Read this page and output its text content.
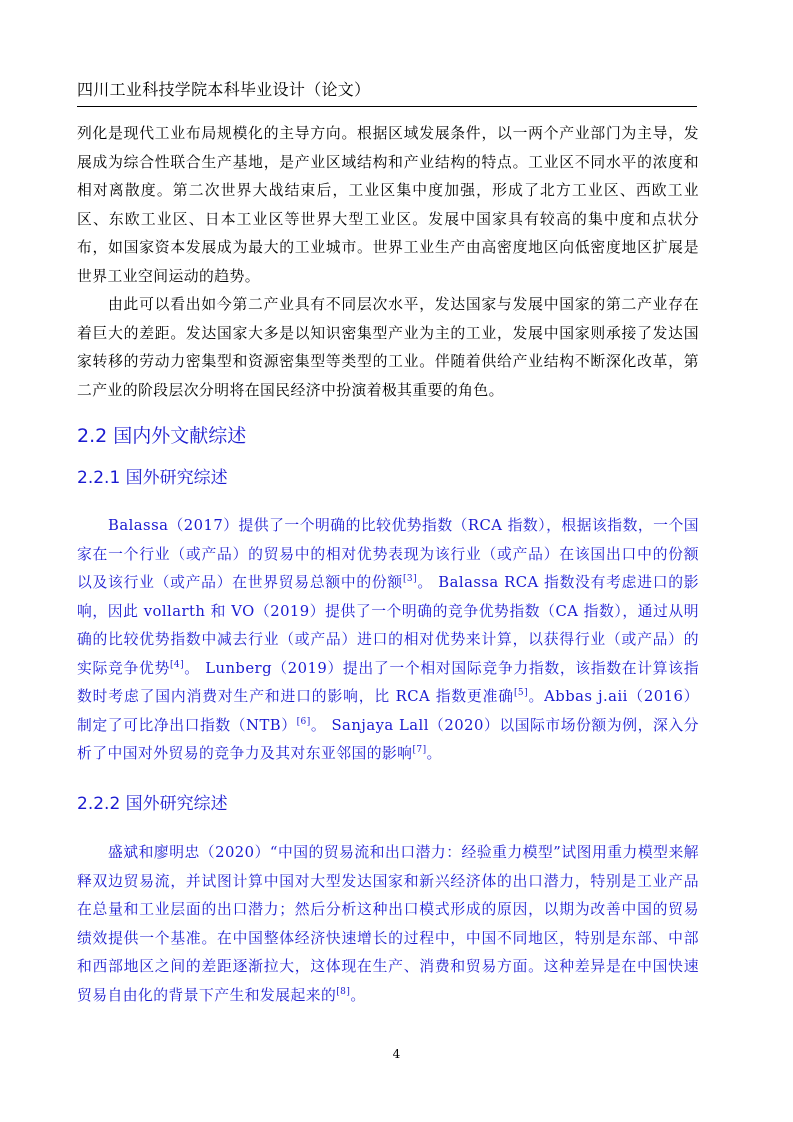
四川工业科技学院本科毕业设计（论文）

列化是现代工业布局规模化的主导方向。根据区域发展条件，以一两个产业部门为主导，发展成为综合性联合生产基地，是产业区域结构和产业结构的特点。工业区不同水平的浓度和相对离散度。第二次世界大战结束后，工业区集中度加强，形成了北方工业区、西欧工业区、东欧工业区、日本工业区等世界大型工业区。发展中国家具有较高的集中度和点状分布，如国家资本发展成为最大的工业城市。世界工业生产由高密度地区向低密度地区扩展是世界工业空间运动的趋势。

由此可以看出如今第二产业具有不同层次水平，发达国家与发展中国家的第二产业存在着巨大的差距。发达国家大多是以知识密集型产业为主的工业，发展中国家则承接了发达国家转移的劳动力密集型和资源密集型等类型的工业。伴随着供给产业结构不断深化改革，第二产业的阶段层次分明将在国民经济中扮演着极其重要的角色。

2.2 国内外文献综述
2.2.1 国外研究综述

Balassa（2017）提供了一个明确的比较优势指数（RCA 指数），根据该指数，一个国家在一个行业（或产品）的贸易中的相对优势表现为该行业（或产品）在该国出口中的份额以及该行业（或产品）在世界贸易总额中的份额[3]。 Balassa RCA 指数没有考虑进口的影响，因此 vollarth 和 VO（2019）提供了一个明确的竞争优势指数（CA 指数），通过从明确的比较优势指数中减去行业（或产品）进口的相对优势来计算，以获得行业（或产品）的实际竞争优势[4]。 Lunberg（2019）提出了一个相对国际竞争力指数，该指数在计算该指数时考虑了国内消费对生产和进口的影响，比 RCA 指数更准确[5]。Abbas j.aii（2016）制定了可比净出口指数（NTB）[6]。 Sanjaya Lall（2020）以国际市场份额为例，深入分析了中国对外贸易的竞争力及其对东亚邻国的影响[7]。

2.2.2 国外研究综述

盛斌和廖明忠（2020）“中国的贸易流和出口潜力：经验重力模型”试图用重力模型来解释双边贸易流，并试图计算中国对大型发达国家和新兴经济体的出口潜力，特别是工业产品在总量和工业层面的出口潜力；然后分析这种出口模式形成的原因，以期为改善中国的贸易绩效提供一个基准。在中国整体经济快速增长的过程中，中国不同地区，特别是东部、中部和西部地区之间的差距逐渐拉大，这体现在生产、消费和贸易方面。这种差异是在中国快速贸易自由化的背景下产生和发展起来的[8]。

4
